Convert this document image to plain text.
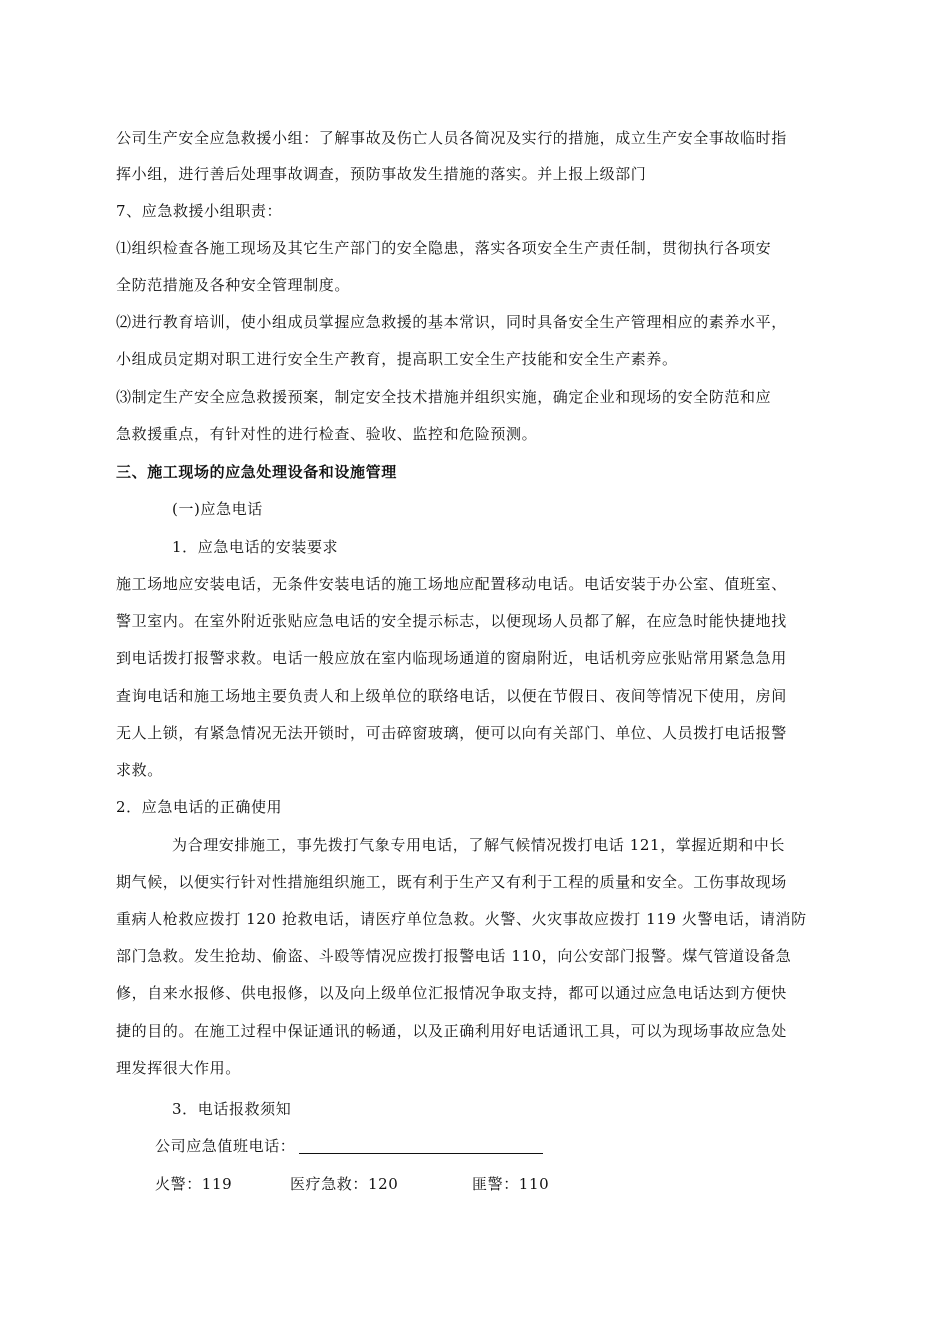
公司生产安全应急救援小组：了解事故及伤亡人员各简况及实行的措施，成立生产安全事故临时指
挥小组，进行善后处理事故调查，预防事故发生措施的落实。并上报上级部门
7、应急救援小组职责：
⑴组织检查各施工现场及其它生产部门的安全隐患，落实各项安全生产责任制，贯彻执行各项安
全防范措施及各种安全管理制度。
⑵进行教育培训，使小组成员掌握应急救援的基本常识，同时具备安全生产管理相应的素养水平，
小组成员定期对职工进行安全生产教育，提高职工安全生产技能和安全生产素养。
⑶制定生产安全应急救援预案，制定安全技术措施并组织实施，确定企业和现场的安全防范和应
急救援重点，有针对性的进行检查、验收、监控和危险预测。
三、施工现场的应急处理设备和设施管理
(一)应急电话
1．应急电话的安装要求
施工场地应安装电话，无条件安装电话的施工场地应配置移动电话。电话安装于办公室、值班室、
警卫室内。在室外附近张贴应急电话的安全提示标志，以便现场人员都了解，在应急时能快捷地找
到电话拨打报警求救。电话一般应放在室内临现场通道的窗扇附近，电话机旁应张贴常用紧急急用
查询电话和施工场地主要负责人和上级单位的联络电话，以便在节假日、夜间等情况下使用，房间
无人上锁，有紧急情况无法开锁时，可击碎窗玻璃，便可以向有关部门、单位、人员拨打电话报警
求救。
2．应急电话的正确使用
为合理安排施工，事先拨打气象专用电话，了解气候情况拨打电话 121，掌握近期和中长
期气候，以便实行针对性措施组织施工，既有利于生产又有利于工程的质量和安全。工伤事故现场
重病人枪救应拨打 120 抢救电话，请医疗单位急救。火警、火灾事故应拨打 119 火警电话，请消防
部门急救。发生抢劫、偷盗、斗殴等情况应拨打报警电话 110，向公安部门报警。煤气管道设备急
修，自来水报修、供电报修，以及向上级单位汇报情况争取支持，都可以通过应急电话达到方便快
捷的目的。在施工过程中保证通讯的畅通，以及正确利用好电话通讯工具，可以为现场事故应急处
理发挥很大作用。
3．电话报救须知
公司应急值班电话：
火警：119	医疗急救：120	匪警：110
